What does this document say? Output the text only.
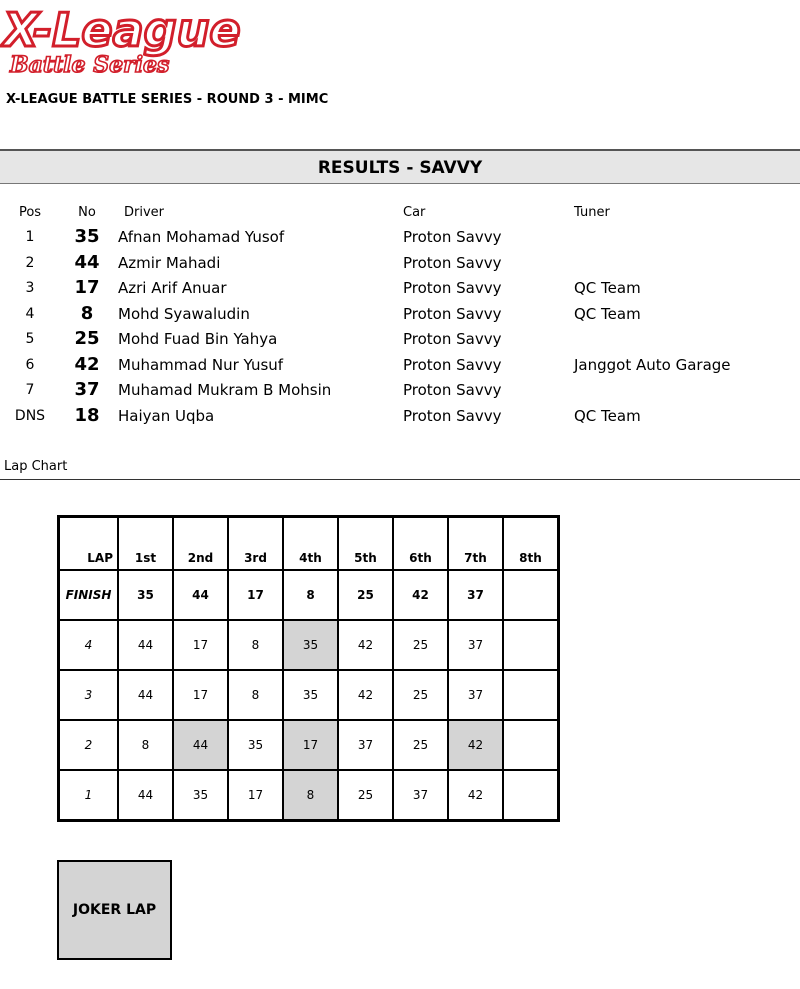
X-League
Battle Series
X-LEAGUE BATTLE SERIES - ROUND 3 - MIMC
RESULTS - SAVVY
Pos	No	Driver	Car	Tuner
1	35	Afnan Mohamad Yusof	Proton Savvy
2	44	Azmir Mahadi	Proton Savvy
3	17	Azri Arif Anuar	Proton Savvy	QC Team
4	8	Mohd Syawaludin	Proton Savvy	QC Team
5	25	Mohd Fuad Bin Yahya	Proton Savvy
6	42	Muhammad Nur Yusuf	Proton Savvy	Janggot Auto Garage
7	37	Muhamad Mukram B Mohsin	Proton Savvy
DNS	18	Haiyan Uqba	Proton Savvy	QC Team
Lap Chart
LAP	1st	2nd	3rd	4th	5th	6th	7th	8th
FINISH	35	44	17	8	25	42	37	
4	44	17	8	35	42	25	37	
3	44	17	8	35	42	25	37	
2	8	44	35	17	37	25	42	
1	44	35	17	8	25	37	42	
JOKER LAP
